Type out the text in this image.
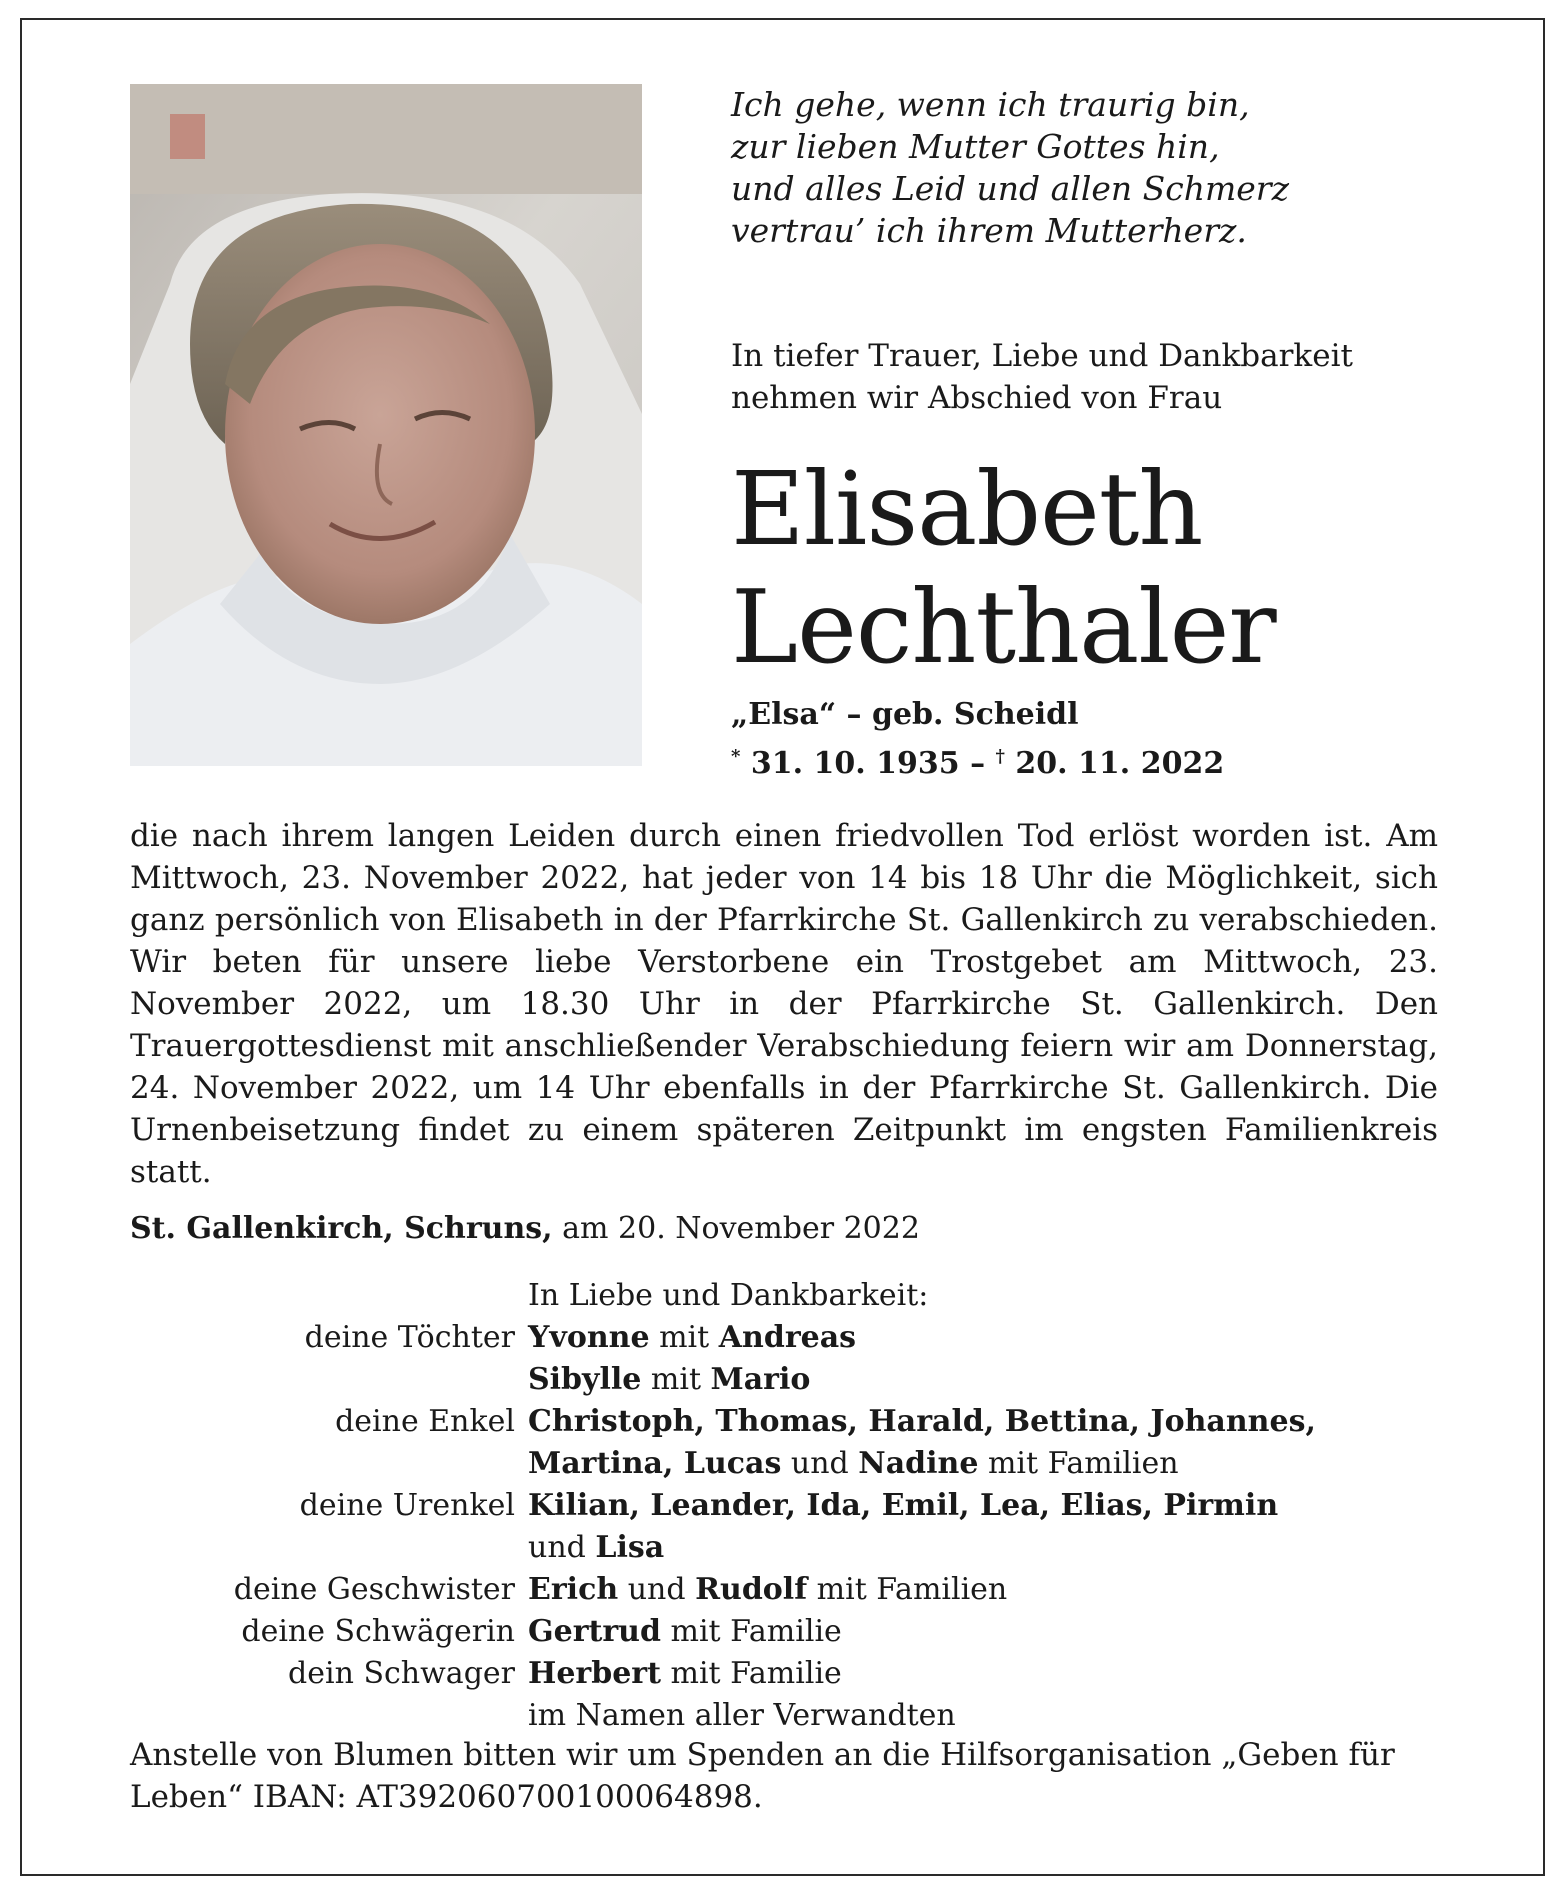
Ich gehe, wenn ich traurig bin,
zur lieben Mutter Gottes hin,
und alles Leid und allen Schmerz
vertrau’ ich ihrem Mutterherz.
In tiefer Trauer, Liebe und Dankbarkeit
nehmen wir Abschied von Frau
Elisabeth
Lechthaler
„Elsa“ – geb. Scheidl
* 31. 10. 1935 – † 20. 11. 2022
die nach ihrem langen Leiden durch einen friedvollen Tod erlöst worden ist. Am Mittwoch, 23. November 2022, hat jeder von 14 bis 18 Uhr die Möglichkeit, sich ganz persönlich von Elisabeth in der Pfarrkirche St. Gallenkirch zu verabschieden. Wir beten für unsere liebe Verstorbene ein Trostgebet am Mittwoch, 23. November 2022, um 18.30 Uhr in der Pfarrkirche St. Gallenkirch. Den Trauergottesdienst mit anschließender Verabschiedung feiern wir am Donnerstag, 24. November 2022, um 14 Uhr ebenfalls in der Pfarrkirche St. Gallenkirch. Die Urnenbeisetzung findet zu einem späteren Zeitpunkt im engsten Familienkreis statt.
St. Gallenkirch, Schruns, am 20. November 2022
In Liebe und Dankbarkeit:
deine Töchter Yvonne mit Andreas
Sibylle mit Mario
deine Enkel Christoph, Thomas, Harald, Bettina, Johannes,
Martina, Lucas und Nadine mit Familien
deine Urenkel Kilian, Leander, Ida, Emil, Lea, Elias, Pirmin
und Lisa
deine Geschwister Erich und Rudolf mit Familien
deine Schwägerin Gertrud mit Familie
dein Schwager Herbert mit Familie
im Namen aller Verwandten
Anstelle von Blumen bitten wir um Spenden an die Hilfsorganisation „Geben für Leben“ IBAN: AT392060700100064898.
